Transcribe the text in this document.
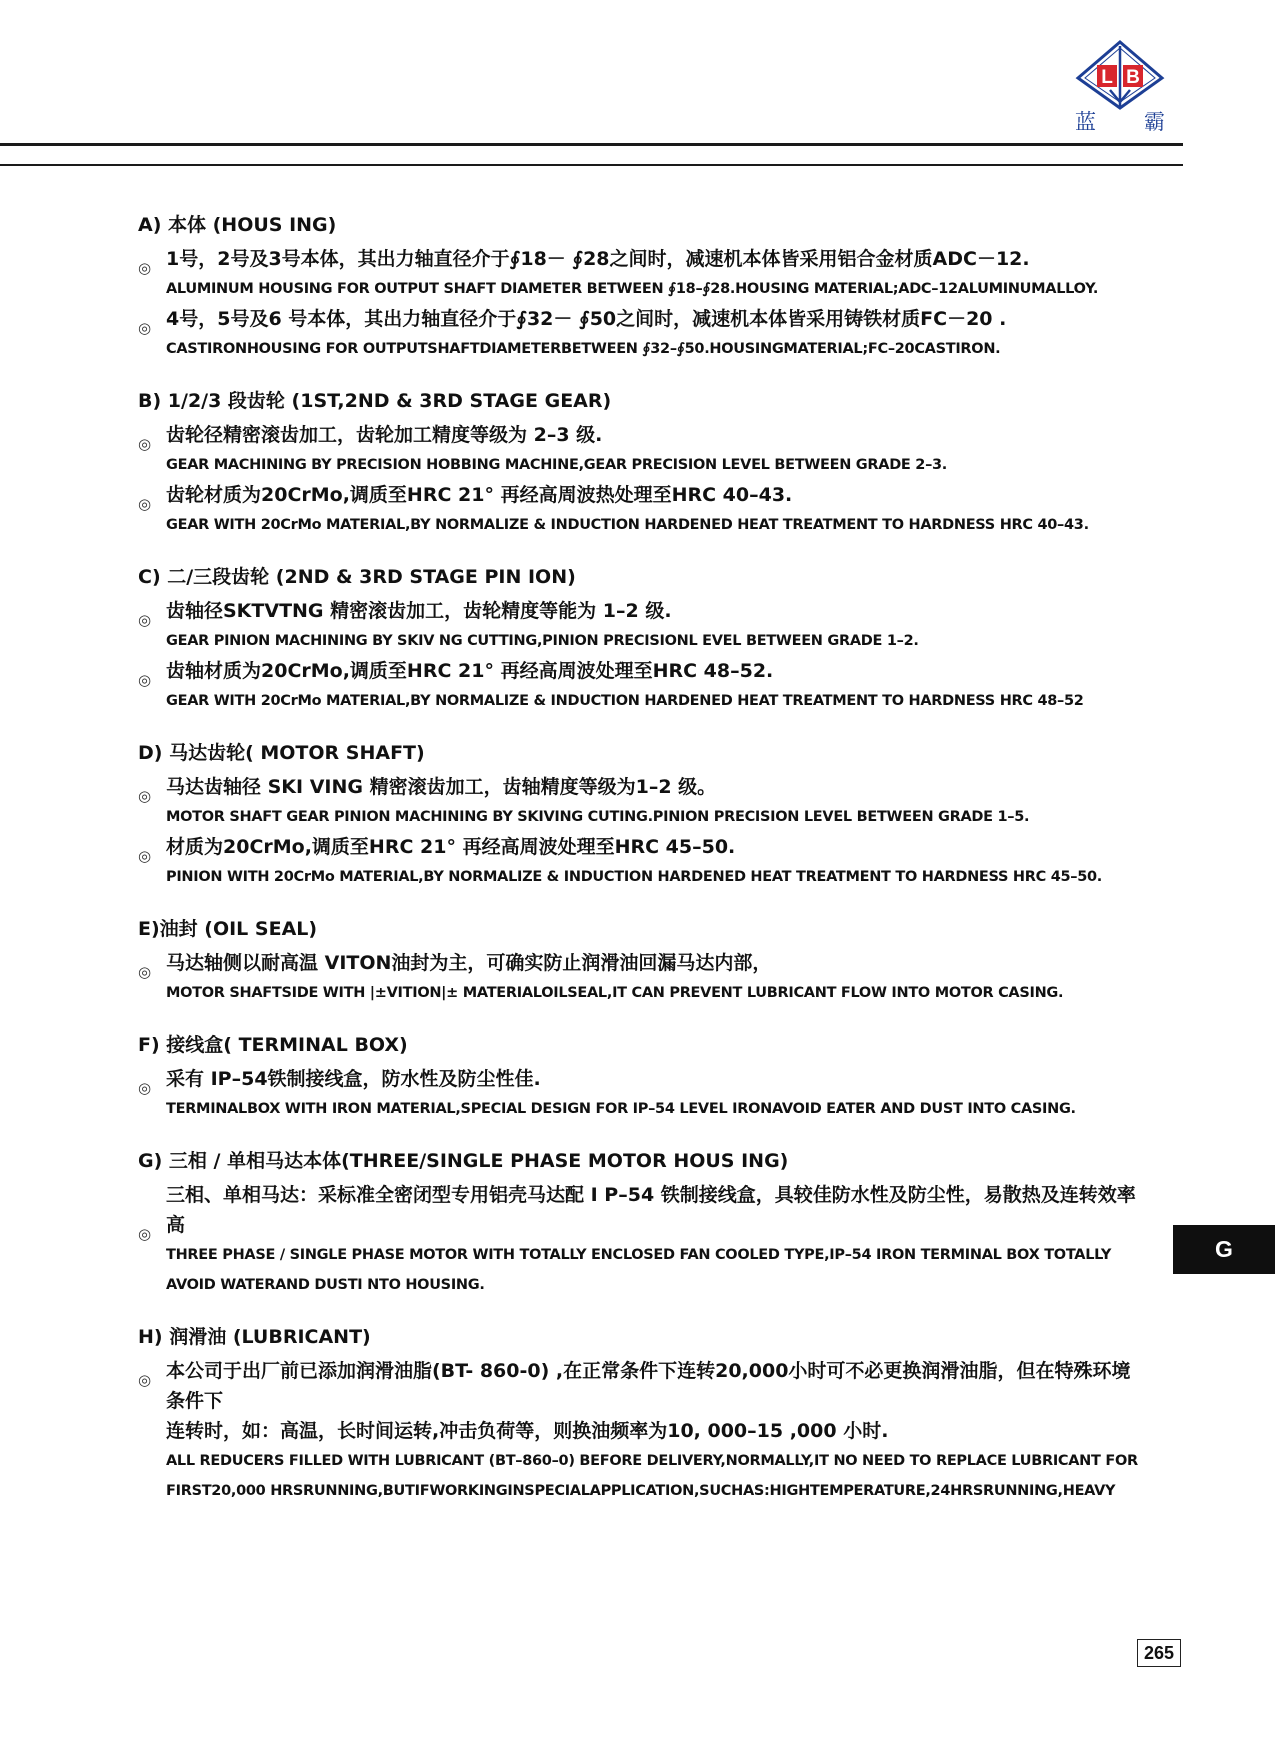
L B
蓝 霸
A) 本体 (HOUS ING)
◎ 1号，2号及3号本体，其出力轴直径介于∮18－ ∮28之间时，减速机本体皆采用铝合金材质ADC－12.
ALUMINUM HOUSING FOR OUTPUT SHAFT DIAMETER BETWEEN ∮18–∮28.HOUSING MATERIAL;ADC–12ALUMINUMALLOY.
◎ 4号，5号及6 号本体，其出力轴直径介于∮32－ ∮50之间时，减速机本体皆采用铸铁材质FC－20 .
CASTIRONHOUSING FOR OUTPUTSHAFTDIAMETERBETWEEN ∮32–∮50.HOUSINGMATERIAL;FC–20CASTIRON.
B) 1/2/3 段齿轮 (1ST,2ND & 3RD STAGE GEAR)
◎ 齿轮径精密滚齿加工，齿轮加工精度等级为 2–3 级.
GEAR MACHINING BY PRECISION HOBBING MACHINE,GEAR PRECISION LEVEL BETWEEN GRADE 2–3.
◎ 齿轮材质为20CrMo,调质至HRC 21° 再经高周波热处理至HRC 40–43.
GEAR WITH 20CrMo MATERIAL,BY NORMALIZE & INDUCTION HARDENED HEAT TREATMENT TO HARDNESS HRC 40–43.
C) 二/三段齿轮 (2ND & 3RD STAGE PIN ION)
◎ 齿轴径SKTVTNG 精密滚齿加工，齿轮精度等能为 1–2 级.
GEAR PINION MACHINING BY SKIV NG CUTTING,PINION PRECISIONL EVEL BETWEEN GRADE 1–2.
◎ 齿轴材质为20CrMo,调质至HRC 21° 再经高周波处理至HRC 48–52.
GEAR WITH 20CrMo MATERIAL,BY NORMALIZE & INDUCTION HARDENED HEAT TREATMENT TO HARDNESS HRC 48–52
D) 马达齿轮( MOTOR SHAFT)
◎ 马达齿轴径 SKI VING 精密滚齿加工，齿轴精度等级为1–2 级。
MOTOR SHAFT GEAR PINION MACHINING BY SKIVING CUTING.PINION PRECISION LEVEL BETWEEN GRADE 1–5.
◎ 材质为20CrMo,调质至HRC 21° 再经高周波处理至HRC 45–50.
PINION WITH 20CrMo MATERIAL,BY NORMALIZE & INDUCTION HARDENED HEAT TREATMENT TO HARDNESS HRC 45–50.
E)油封 (OIL SEAL)
◎ 马达轴侧以耐高温 VITON油封为主，可确实防止润滑油回漏马达内部，
MOTOR SHAFTSIDE WITH |±VITION|± MATERIALOILSEAL,IT CAN PREVENT LUBRICANT FLOW INTO MOTOR CASING.
F) 接线盒( TERMINAL BOX)
◎ 采有 IP–54铁制接线盒，防水性及防尘性佳.
TERMINALBOX WITH IRON MATERIAL,SPECIAL DESIGN FOR IP–54 LEVEL IRONAVOID EATER AND DUST INTO CASING.
G) 三相 / 单相马达本体(THREE/SINGLE PHASE MOTOR HOUS ING)
◎
三相、单相马达：采标准全密闭型专用铝壳马达配 I P–54 铁制接线盒，具较佳防水性及防尘性，易散热及连转效率
高
THREE PHASE / SINGLE PHASE MOTOR WITH TOTALLY ENCLOSED FAN COOLED TYPE,IP–54 IRON TERMINAL BOX TOTALLY
AVOID WATERAND DUSTI NTO HOUSING.
H) 润滑油 (LUBRICANT)
◎ 本公司于出厂前已添加润滑油脂(BT- 860-0) ,在正常条件下连转20,000小时可不必更换润滑油脂，但在特殊环境条件下
连转时，如：高温，长时间运转,冲击负荷等，则换油频率为10, 000–15 ,000 小时.
ALL REDUCERS FILLED WITH LUBRICANT (BT–860–0) BEFORE DELIVERY,NORMALLY,IT NO NEED TO REPLACE LUBRICANT FOR
FIRST20,000 HRSRUNNING,BUTIFWORKINGINSPECIALAPPLICATION,SUCHAS:HIGHTEMPERATURE,24HRSRUNNING,HEAVY
G
265
